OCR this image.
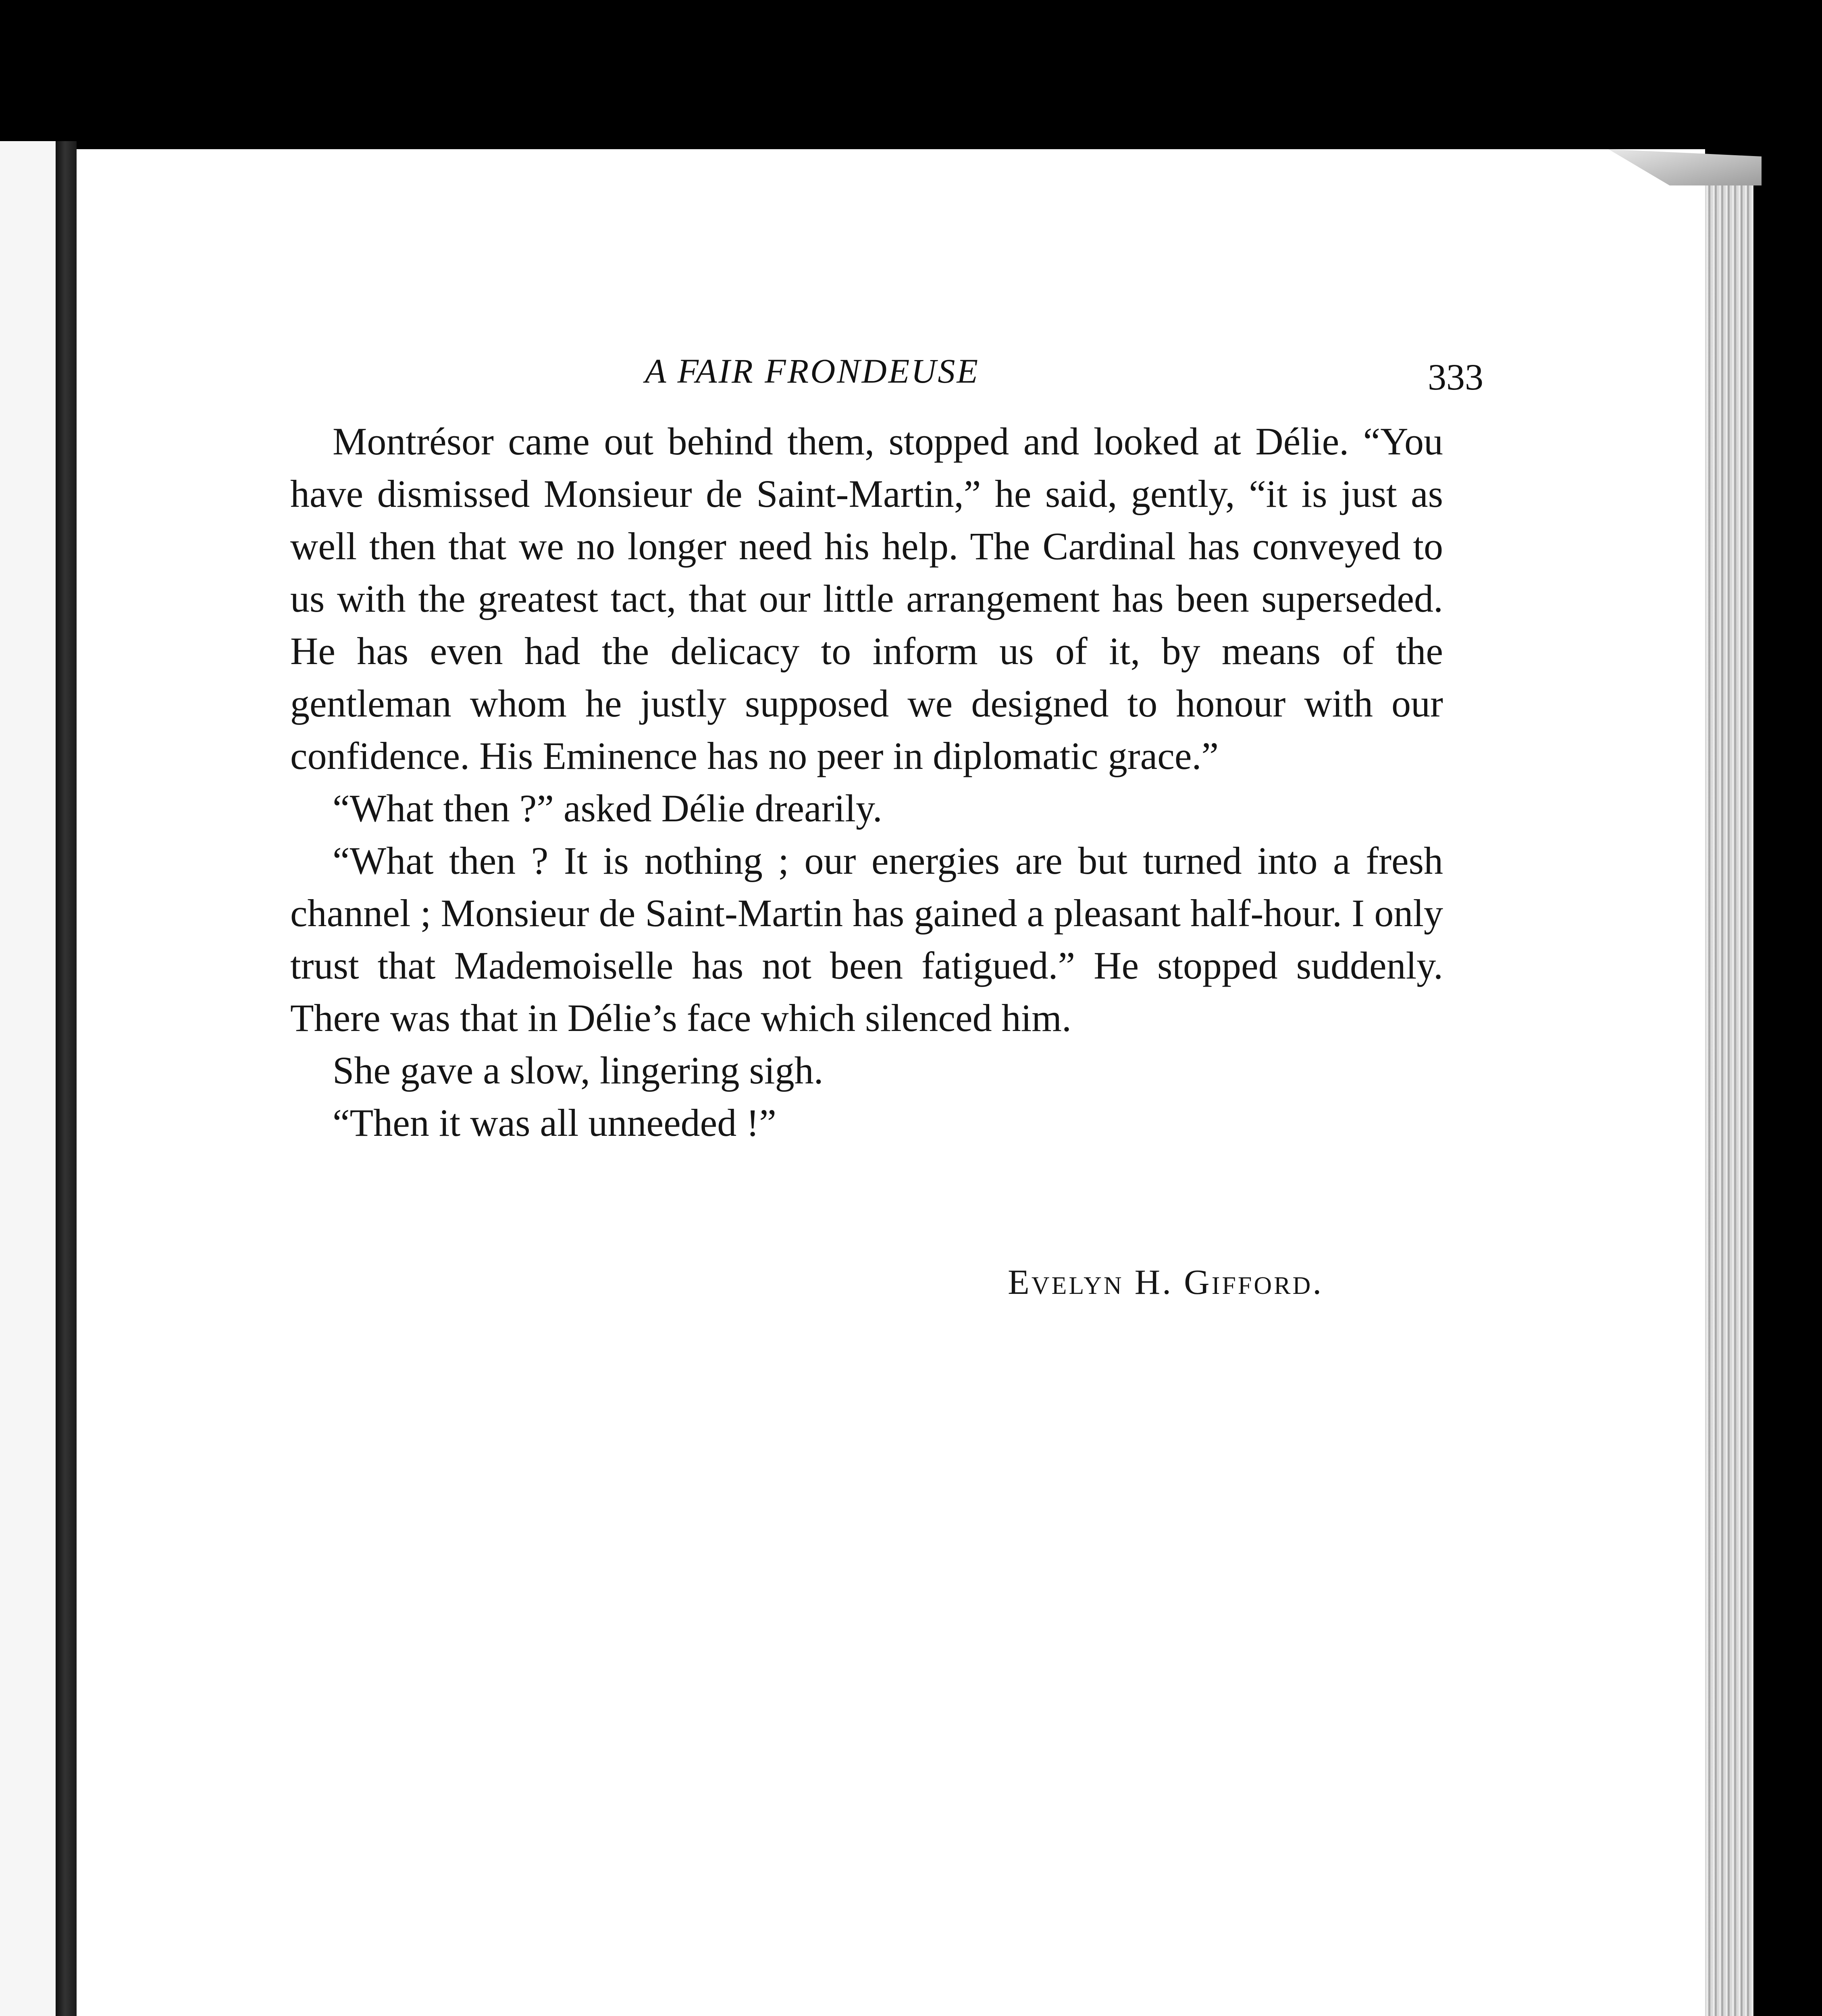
A FAIR FRONDEUSE	333

Montrésor came out behind them, stopped and looked at Délie. “You have dismissed Monsieur de Saint-Martin,” he said, gently, “it is just as well then that we no longer need his help. The Cardinal has conveyed to us with the greatest tact, that our little arrangement has been superseded. He has even had the delicacy to inform us of it, by means of the gentleman whom he justly supposed we designed to honour with our confidence. His Eminence has no peer in diplomatic grace.”

“What then ?” asked Délie drearily.

“What then ? It is nothing ; our energies are but turned into a fresh channel ; Monsieur de Saint-Martin has gained a pleasant half-hour. I only trust that Mademoiselle has not been fatigued.” He stopped suddenly. There was that in Délie’s face which silenced him.

She gave a slow, lingering sigh.

“Then it was all unneeded !”

Evelyn H. Gifford.
